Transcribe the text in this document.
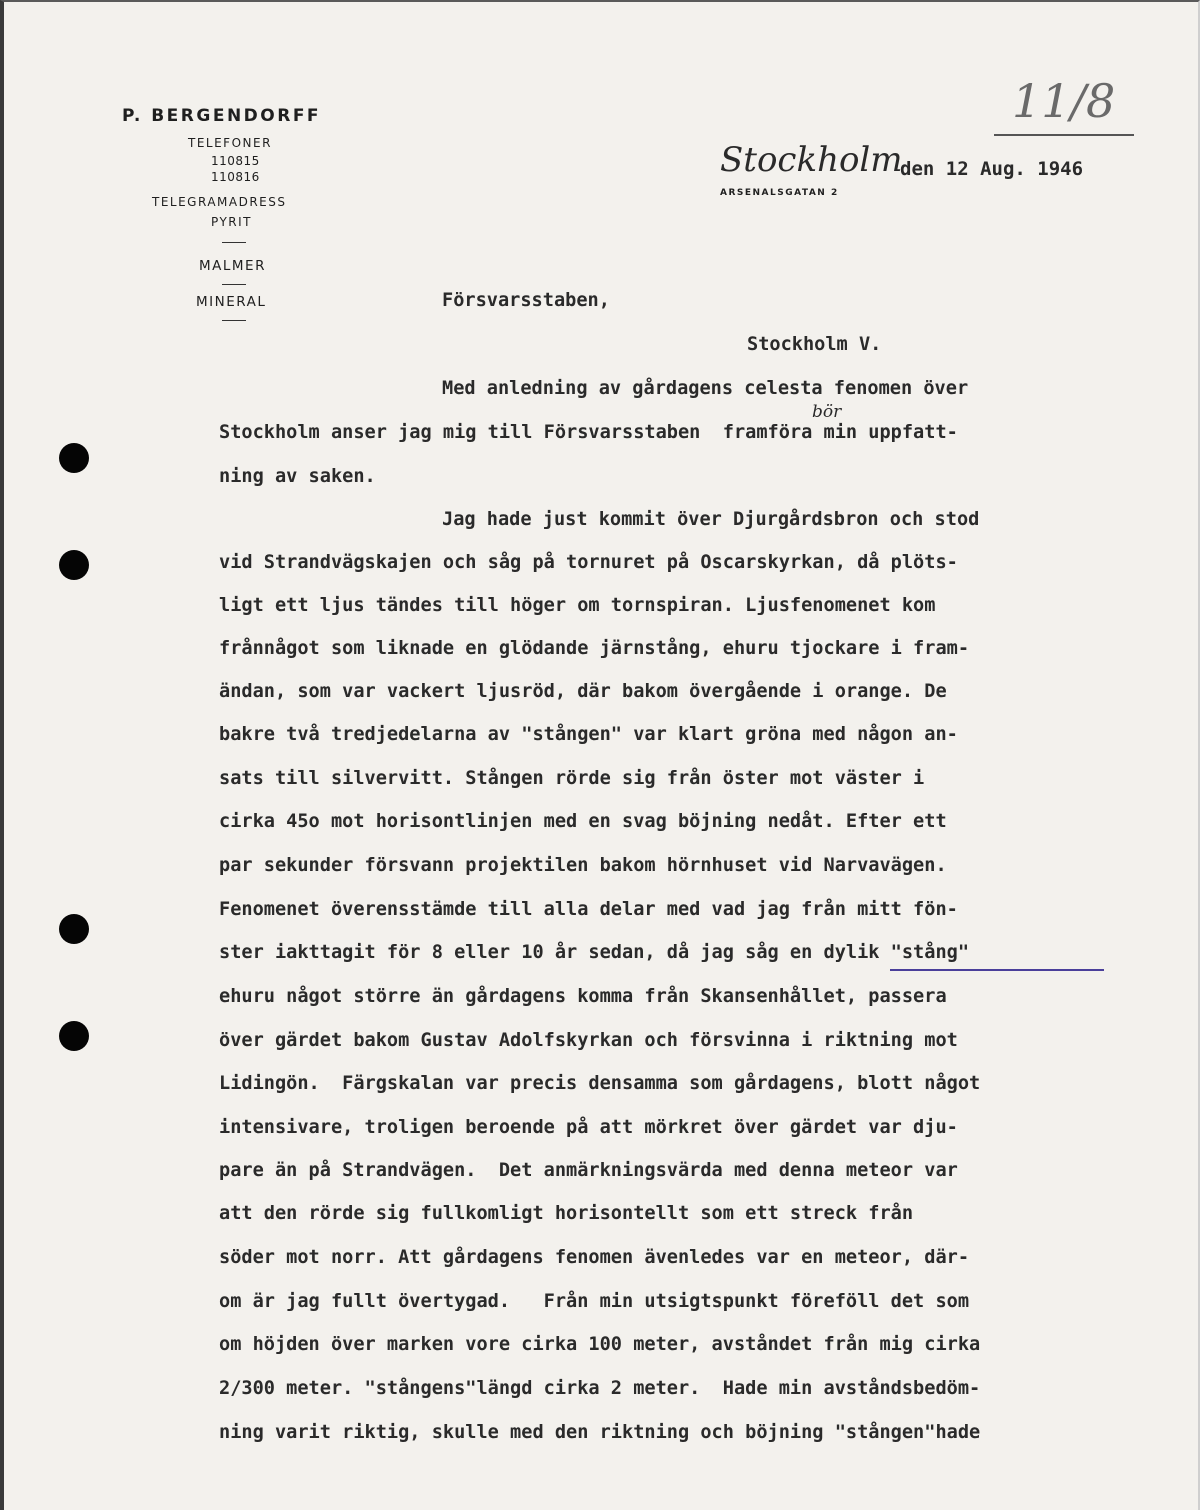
P. BERGENDORFF
TELEFONER
110815
110816
TELEGRAMADRESS
PYRIT
MALMER
MINERAL
11/8
Stockholm
den 12 Aug. 1946
ARSENALSGATAN 2
Försvarsstaben,
Stockholm V.
bör
Med anledning av gårdagens celesta fenomen över
Stockholm anser jag mig till Försvarsstaben  framföra min uppfatt-
ning av saken.
Jag hade just kommit över Djurgårdsbron och stod
vid Strandvägskajen och såg på tornuret på Oscarskyrkan, då plöts-
ligt ett ljus tändes till höger om tornspiran. Ljusfenomenet kom
frånnågot som liknade en glödande järnstång, ehuru tjockare i fram-
ändan, som var vackert ljusröd, där bakom övergående i orange. De
bakre två tredjedelarna av "stången" var klart gröna med någon an-
sats till silvervitt. Stången rörde sig från öster mot väster i
cirka 45o mot horisontlinjen med en svag böjning nedåt. Efter ett
par sekunder försvann projektilen bakom hörnhuset vid Narvavägen.
Fenomenet överensstämde till alla delar med vad jag från mitt fön-
ster iakttagit för 8 eller 10 år sedan, då jag såg en dylik "stång"
ehuru något större än gårdagens komma från Skansenhållet, passera
över gärdet bakom Gustav Adolfskyrkan och försvinna i riktning mot
Lidingön.  Färgskalan var precis densamma som gårdagens, blott något
intensivare, troligen beroende på att mörkret över gärdet var dju-
pare än på Strandvägen.  Det anmärkningsvärda med denna meteor var
att den rörde sig fullkomligt horisontellt som ett streck från
söder mot norr. Att gårdagens fenomen ävenledes var en meteor, där-
om är jag fullt övertygad.   Från min utsigtspunkt föreföll det som
om höjden över marken vore cirka 100 meter, avståndet från mig cirka
2/300 meter. "stångens"längd cirka 2 meter.  Hade min avståndsbedöm-
ning varit riktig, skulle med den riktning och böjning "stången"hade
